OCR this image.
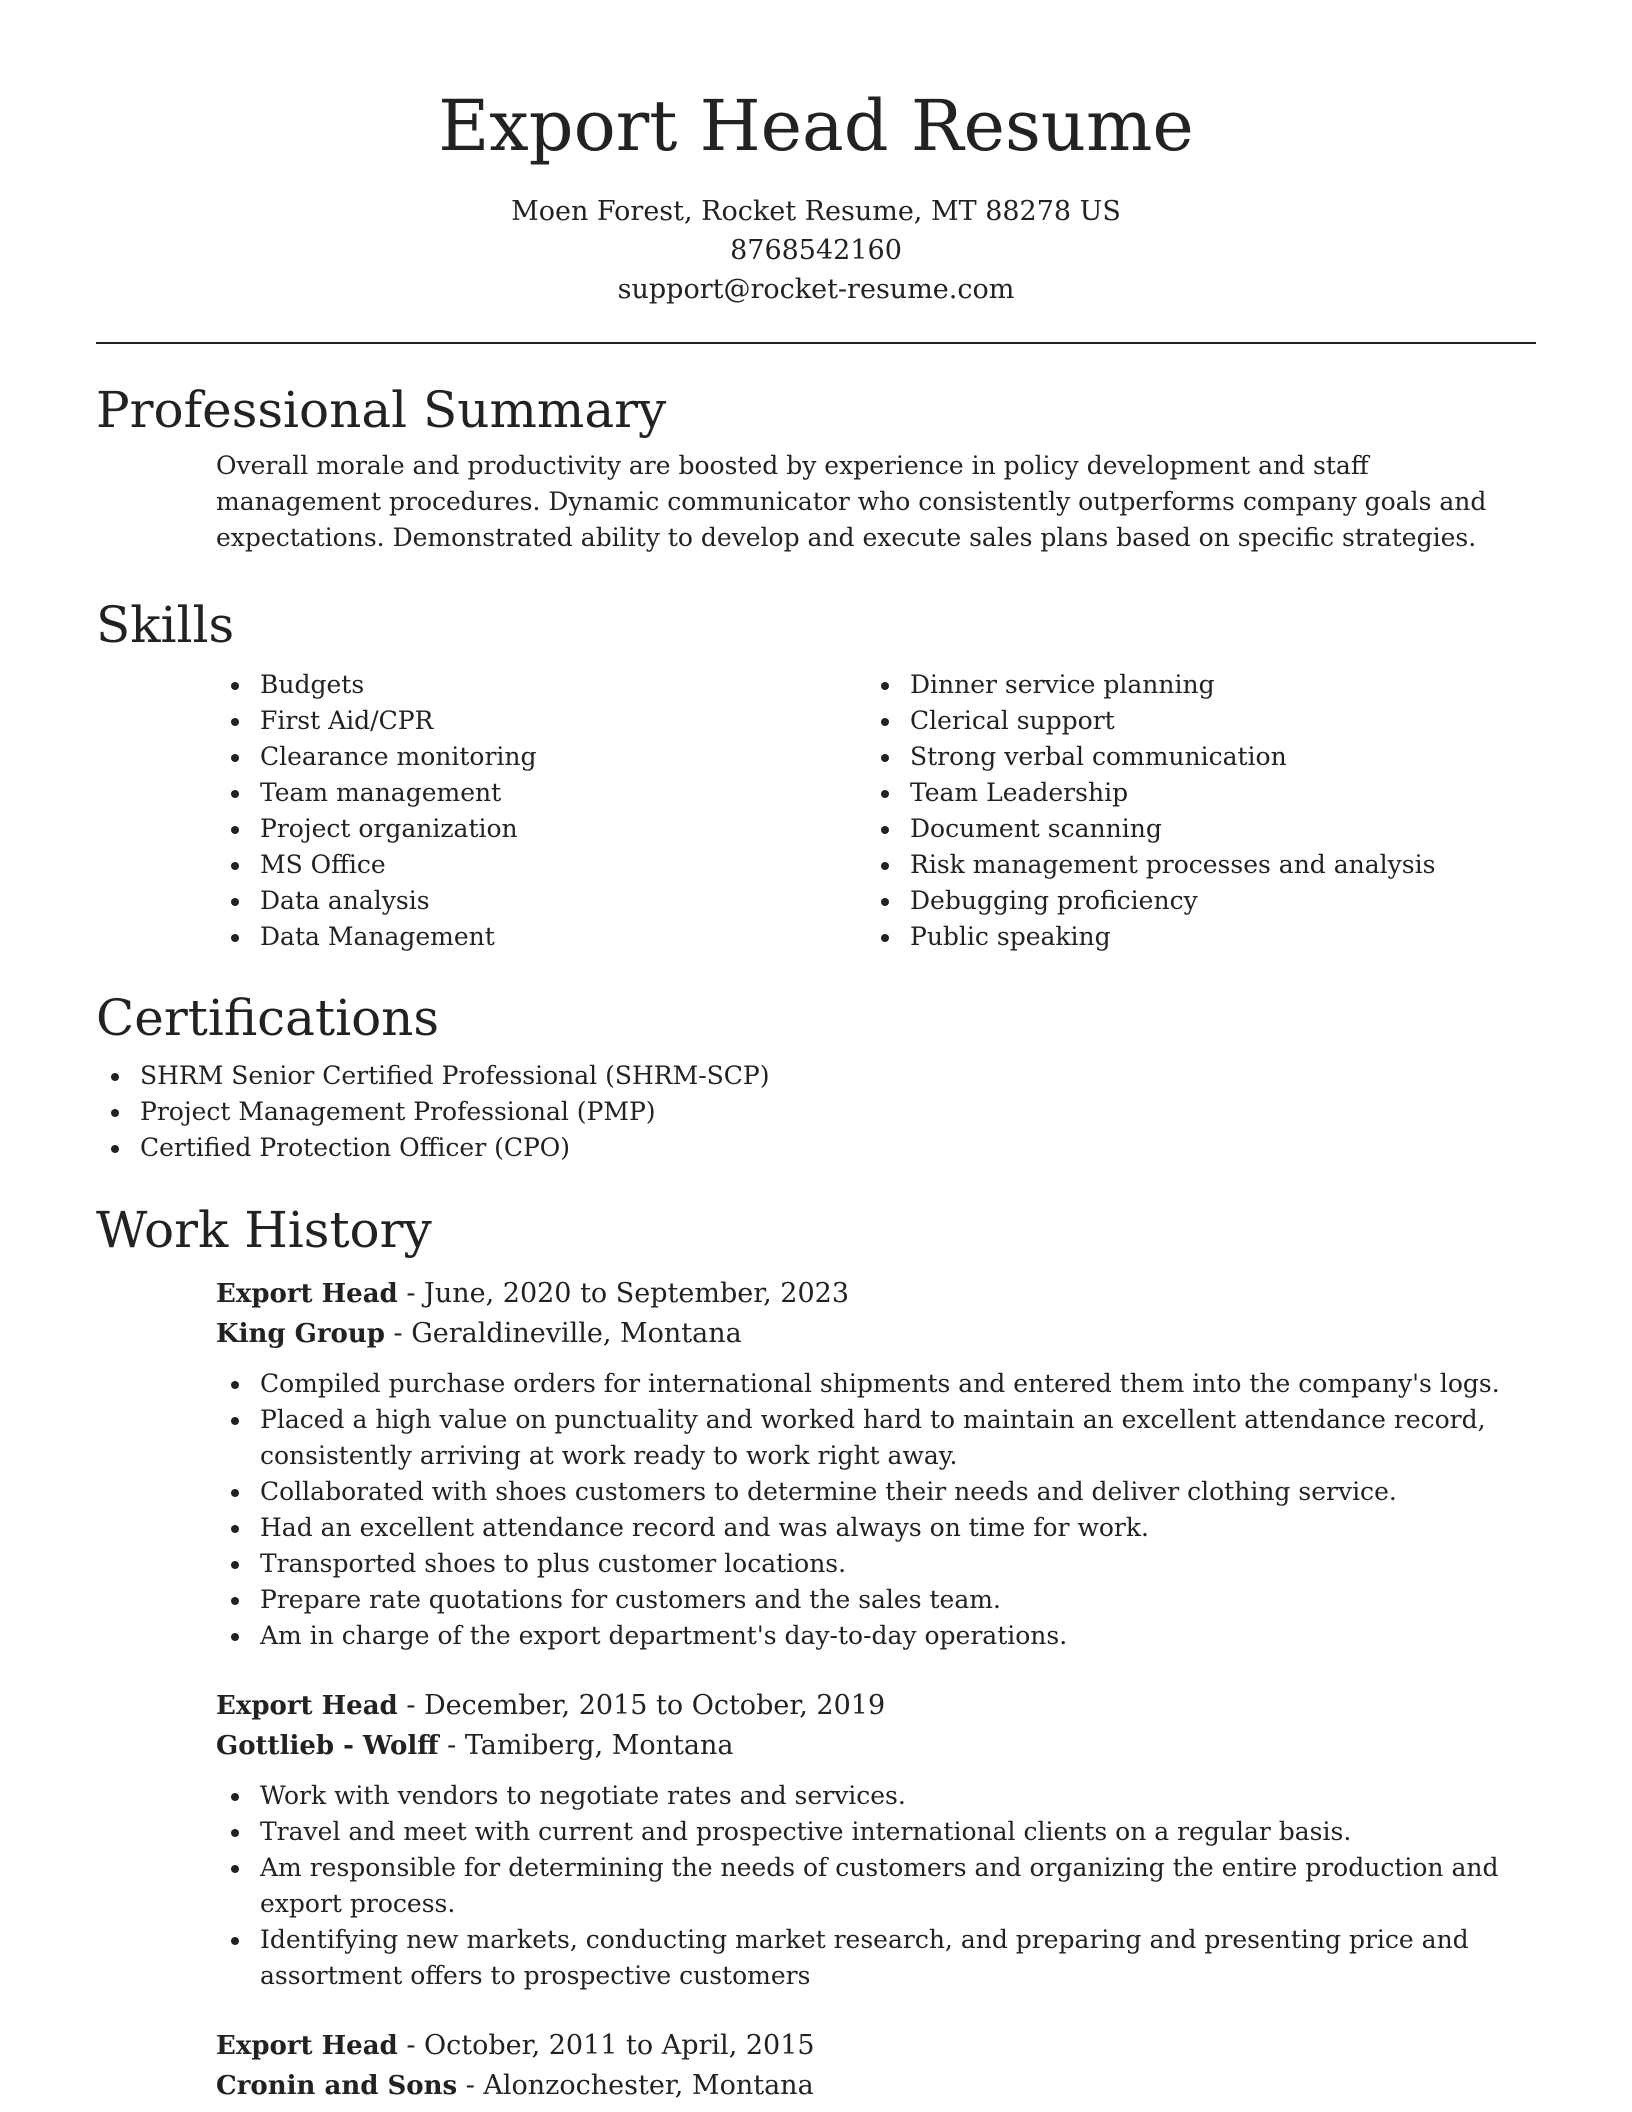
Export Head Resume
Moen Forest, Rocket Resume, MT 88278 US
8768542160
support@rocket-resume.com
Professional Summary

Overall morale and productivity are boosted by experience in policy development and staff management procedures. Dynamic communicator who consistently outperforms company goals and expectations. Demonstrated ability to develop and execute sales plans based on specific strategies.

Skills
Budgets
First Aid/CPR
Clearance monitoring
Team management
Project organization
MS Office
Data analysis
Data Management
Dinner service planning
Clerical support
Strong verbal communication
Team Leadership
Document scanning
Risk management processes and analysis
Debugging proficiency
Public speaking
Certifications
SHRM Senior Certified Professional (SHRM-SCP)
Project Management Professional (PMP)
Certified Protection Officer (CPO)
Work History
Export Head - June, 2020 to September, 2023
King Group - Geraldineville, Montana
Compiled purchase orders for international shipments and entered them into the company's logs.
Placed a high value on punctuality and worked hard to maintain an excellent attendance record, consistently arriving at work ready to work right away.
Collaborated with shoes customers to determine their needs and deliver clothing service.
Had an excellent attendance record and was always on time for work.
Transported shoes to plus customer locations.
Prepare rate quotations for customers and the sales team.
Am in charge of the export department's day-to-day operations.
Export Head - December, 2015 to October, 2019
Gottlieb - Wolff - Tamiberg, Montana
Work with vendors to negotiate rates and services.
Travel and meet with current and prospective international clients on a regular basis.
Am responsible for determining the needs of customers and organizing the entire production and export process.
Identifying new markets, conducting market research, and preparing and presenting price and assortment offers to prospective customers
Export Head - October, 2011 to April, 2015
Cronin and Sons - Alonzochester, Montana
